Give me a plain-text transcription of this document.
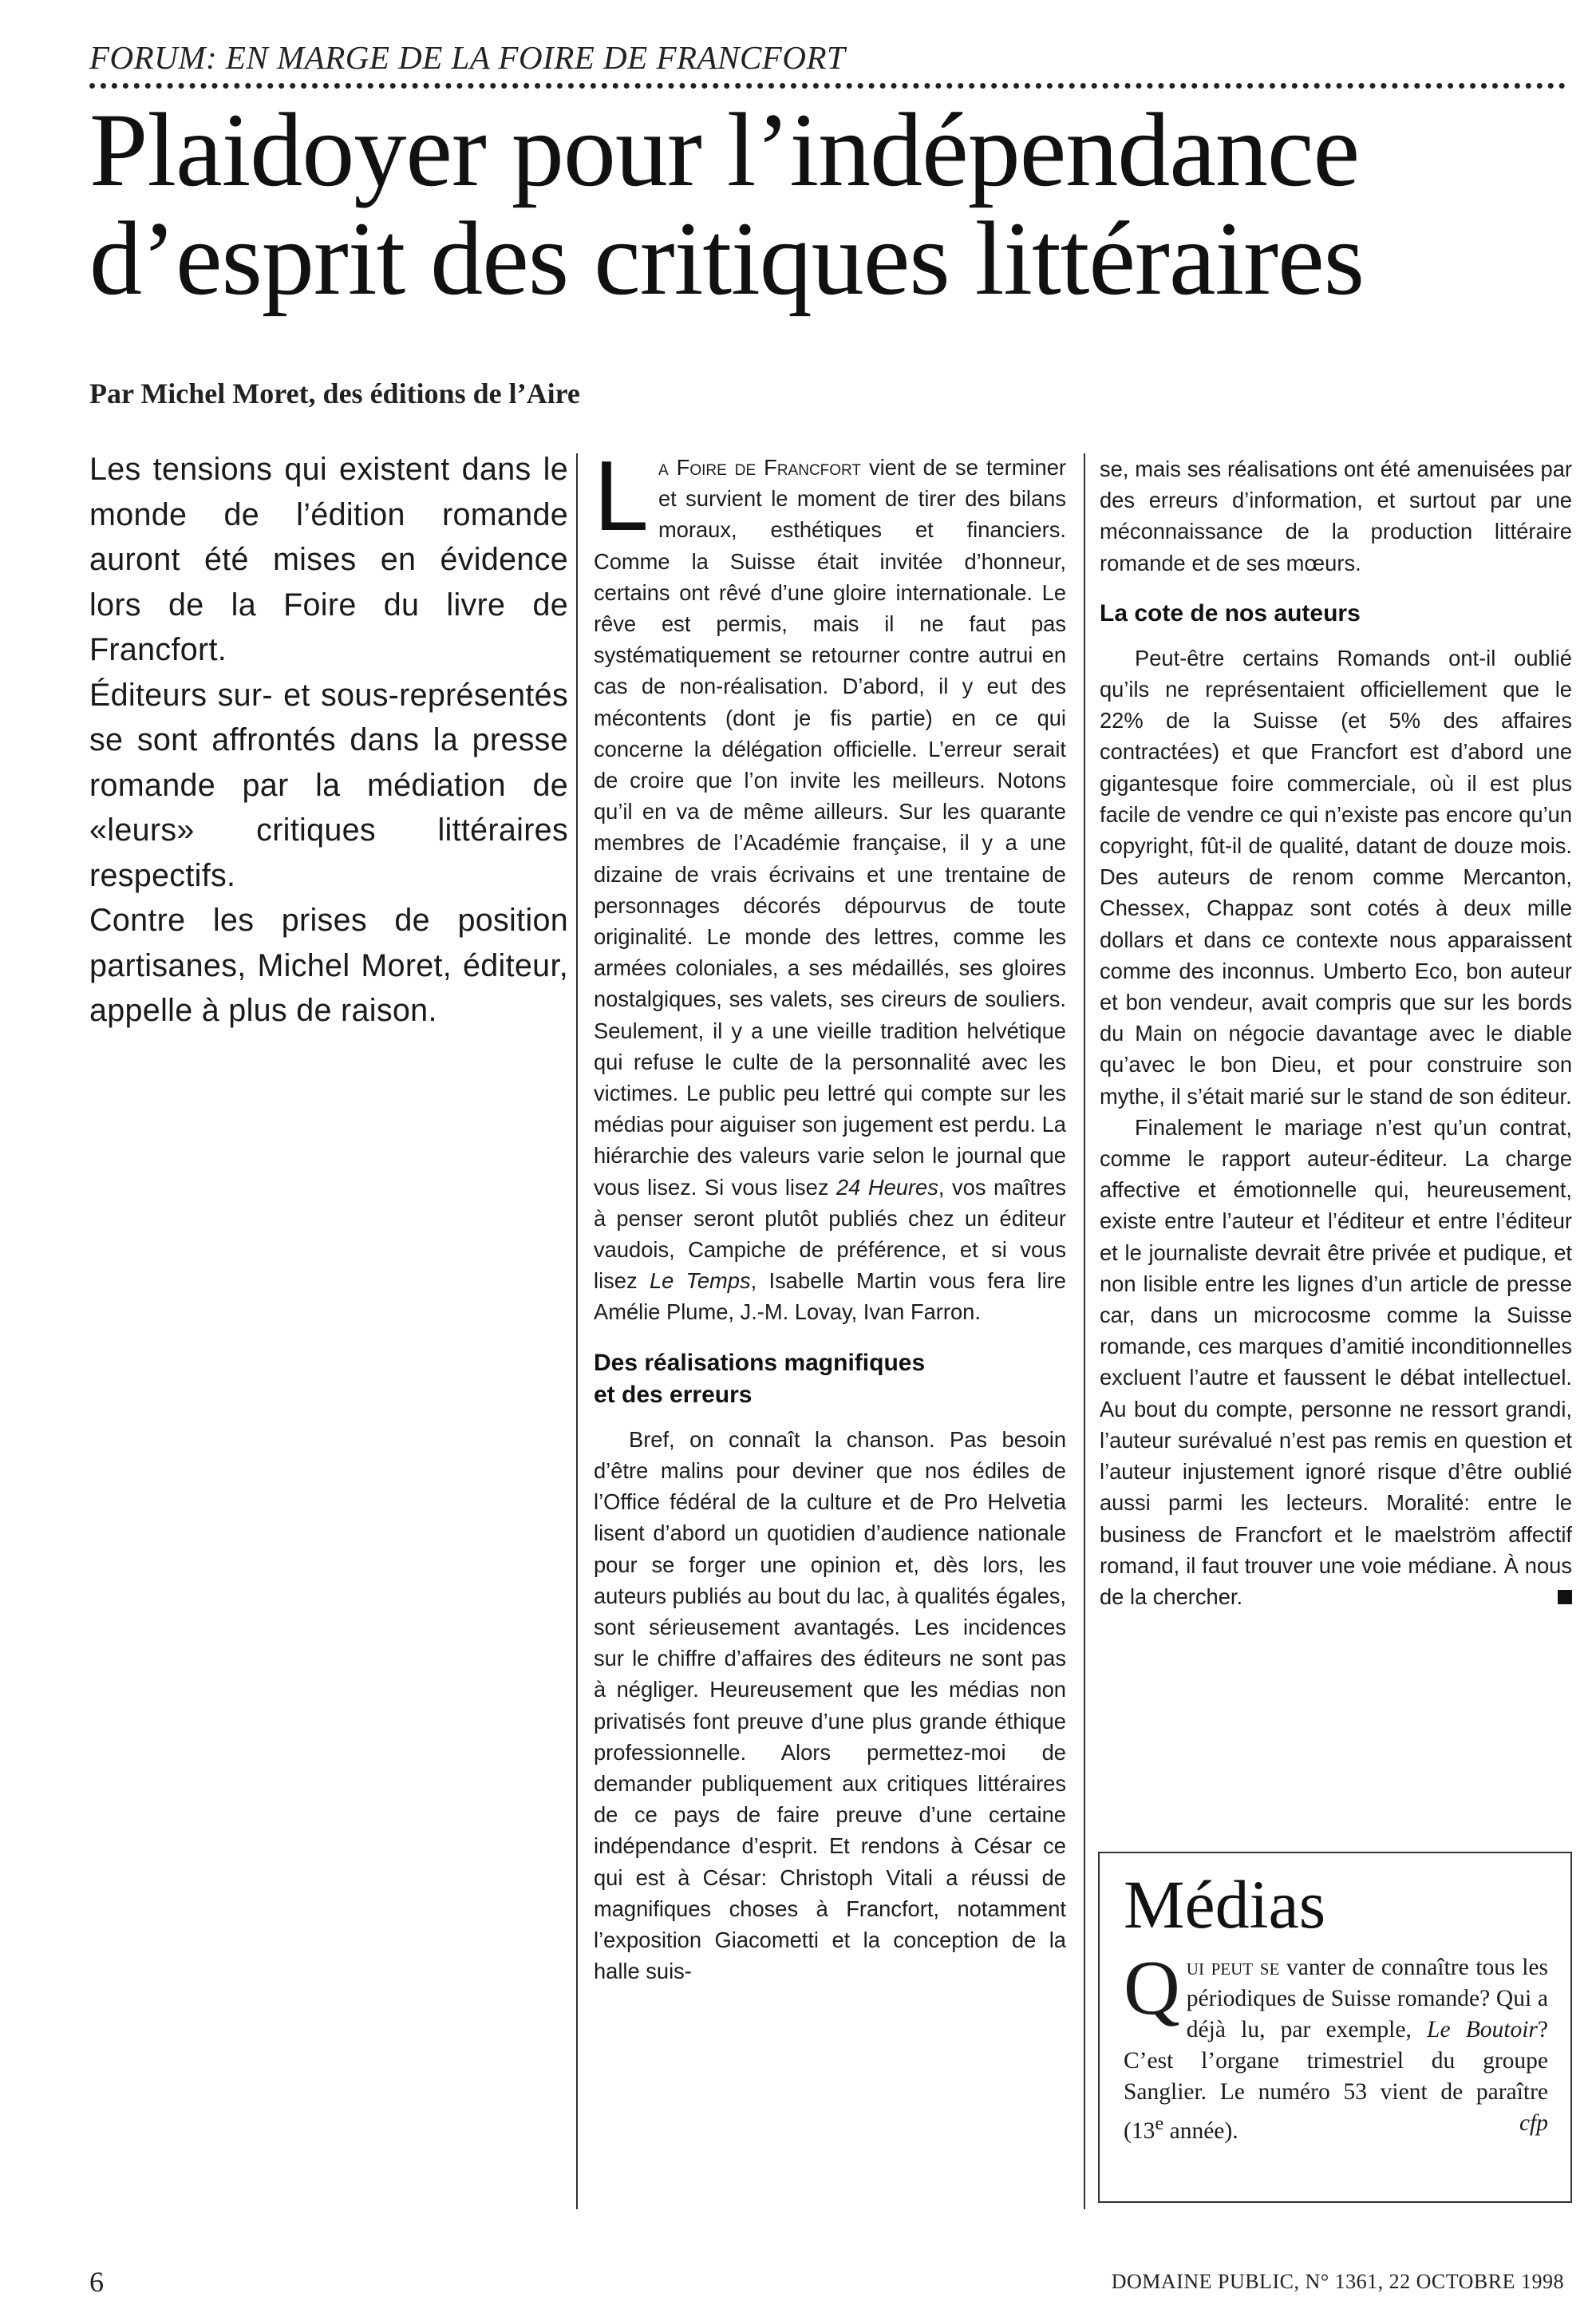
FORUM: EN MARGE DE LA FOIRE DE FRANCFORT
Plaidoyer pour l’indépendance
d’esprit des critiques littéraires
Par Michel Moret, des éditions de l’Aire

Les tensions qui existent dans le monde de l’édition romande auront été mises en évidence lors de la Foire du livre de Francfort.

Éditeurs sur- et sous-représentés se sont affrontés dans la presse romande par la médiation de «leurs» critiques littéraires respectifs.

Contre les prises de position partisanes, Michel Moret, éditeur, appelle à plus de raison.

La Foire de Francfort vient de se terminer et survient le moment de tirer des bilans moraux, esthétiques et financiers. Comme la Suisse était invitée d’honneur, certains ont rêvé d’une gloire internationale. Le rêve est permis, mais il ne faut pas systématiquement se retourner contre autrui en cas de non-réalisation. D’abord, il y eut des mécontents (dont je fis partie) en ce qui concerne la délégation officielle. L’erreur serait de croire que l’on invite les meilleurs. Notons qu’il en va de même ailleurs. Sur les quarante membres de l’Académie française, il y a une dizaine de vrais écrivains et une trentaine de personnages décorés dépourvus de toute originalité. Le monde des lettres, comme les armées coloniales, a ses médaillés, ses gloires nostalgiques, ses valets, ses cireurs de souliers. Seulement, il y a une vieille tradition helvétique qui refuse le culte de la personnalité avec les victimes. Le public peu lettré qui compte sur les médias pour aiguiser son jugement est perdu. La hiérarchie des valeurs varie selon le journal que vous lisez. Si vous lisez 24 Heures, vos maîtres à penser seront plutôt publiés chez un éditeur vaudois, Campiche de préférence, et si vous lisez Le Temps, Isabelle Martin vous fera lire Amélie Plume, J.-M. Lovay, Ivan Farron.

Des réalisations magnifiques
et des erreurs

Bref, on connaît la chanson. Pas besoin d’être malins pour deviner que nos édiles de l’Office fédéral de la culture et de Pro Helvetia lisent d’abord un quotidien d’audience nationale pour se forger une opinion et, dès lors, les auteurs publiés au bout du lac, à qualités égales, sont sérieusement avantagés. Les incidences sur le chiffre d’affaires des éditeurs ne sont pas à négliger. Heureusement que les médias non privatisés font preuve d’une plus grande éthique professionnelle. Alors permettez-moi de demander publiquement aux critiques littéraires de ce pays de faire preuve d’une certaine indépendance d’esprit. Et rendons à César ce qui est à César: Christoph Vitali a réussi de magnifiques choses à Francfort, notamment l’exposition Giacometti et la conception de la halle suis-

se, mais ses réalisations ont été amenuisées par des erreurs d’information, et surtout par une méconnaissance de la production littéraire romande et de ses mœurs.

La cote de nos auteurs

Peut-être certains Romands ont-il oublié qu’ils ne représentaient officiellement que le 22% de la Suisse (et 5% des affaires contractées) et que Francfort est d’abord une gigantesque foire commerciale, où il est plus facile de vendre ce qui n’existe pas encore qu’un copyright, fût-il de qualité, datant de douze mois. Des auteurs de renom comme Mercanton, Chessex, Chappaz sont cotés à deux mille dollars et dans ce contexte nous apparaissent comme des inconnus. Umberto Eco, bon auteur et bon vendeur, avait compris que sur les bords du Main on négocie davantage avec le diable qu’avec le bon Dieu, et pour construire son mythe, il s’était marié sur le stand de son éditeur.

Finalement le mariage n’est qu’un contrat, comme le rapport auteur-éditeur. La charge affective et émotionnelle qui, heureusement, existe entre l’auteur et l’éditeur et entre l’éditeur et le journaliste devrait être privée et pudique, et non lisible entre les lignes d’un article de presse car, dans un microcosme comme la Suisse romande, ces marques d’amitié inconditionnelles excluent l’autre et faussent le débat intellectuel. Au bout du compte, personne ne ressort grandi, l’auteur surévalué n’est pas remis en question et l’auteur injustement ignoré risque d’être oublié aussi parmi les lecteurs. Moralité: entre le business de Francfort et le maelström affectif romand, il faut trouver une voie médiane. À nous de la chercher.

Médias

Qui peut se vanter de connaître tous les périodiques de Suisse romande? Qui a déjà lu, par exemple, Le Boutoir? C’est l’organe trimestriel du groupe Sanglier. Le numéro 53 vient de paraître (13e année).	cfp

6	DOMAINE PUBLIC, N° 1361, 22 OCTOBRE 1998
